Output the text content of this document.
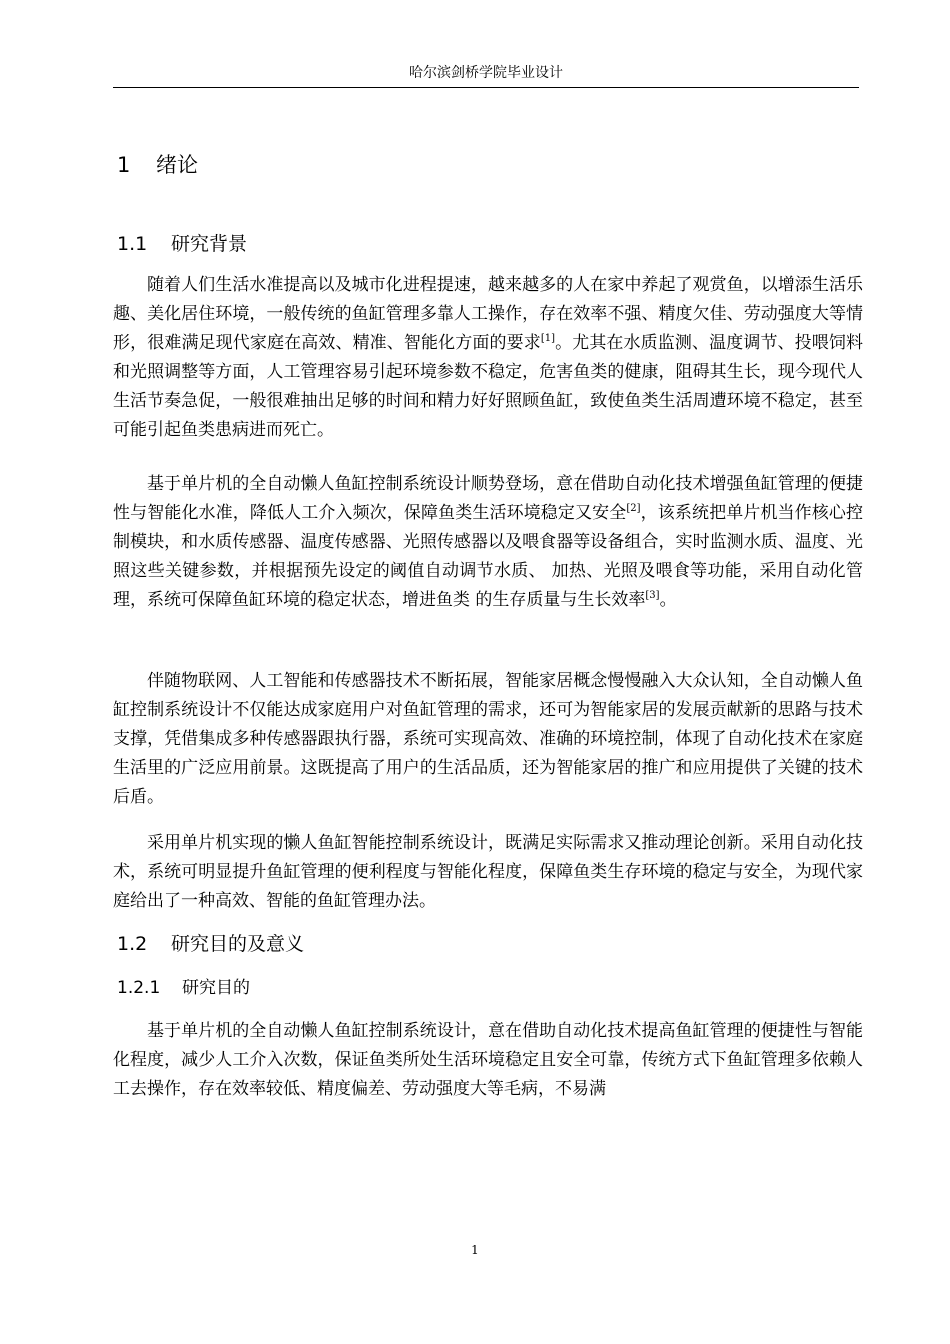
哈尔滨剑桥学院毕业设计
1 绪论
1.1 研究背景

随着人们生活水准提高以及城市化进程提速，越来越多的人在家中养起了观赏鱼，以增添生活乐趣、美化居住环境，一般传统的鱼缸管理多靠人工操作，存在效率不强、精度欠佳、劳动强度大等情形，很难满足现代家庭在高效、精准、智能化方面的要求[1]。尤其在水质监测、温度调节、投喂饲料和光照调整等方面，人工管理容易引起环境参数不稳定，危害鱼类的健康，阻碍其生长，现今现代人生活节奏急促，一般很难抽出足够的时间和精力好好照顾鱼缸，致使鱼类生活周遭环境不稳定，甚至可能引起鱼类患病进而死亡。

基于单片机的全自动懒人鱼缸控制系统设计顺势登场，意在借助自动化技术增强鱼缸管理的便捷性与智能化水准，降低人工介入频次，保障鱼类生活环境稳定又安全[2]，该系统把单片机当作核心控制模块，和水质传感器、温度传感器、光照传感器以及喂食器等设备组合，实时监测水质、温度、光照这些关键参数，并根据预先设定的阈值自动调节水质、 加热、光照及喂食等功能，采用自动化管理，系统可保障鱼缸环境的稳定状态，增进鱼类 的生存质量与生长效率[3]。

伴随物联网、人工智能和传感器技术不断拓展，智能家居概念慢慢融入大众认知，全自动懒人鱼缸控制系统设计不仅能达成家庭用户对鱼缸管理的需求，还可为智能家居的发展贡献新的思路与技术支撑，凭借集成多种传感器跟执行器，系统可实现高效、准确的环境控制，体现了自动化技术在家庭生活里的广泛应用前景。这既提高了用户的生活品质，还为智能家居的推广和应用提供了关键的技术后盾。

采用单片机实现的懒人鱼缸智能控制系统设计，既满足实际需求又推动理论创新。采用自动化技术，系统可明显提升鱼缸管理的便利程度与智能化程度，保障鱼类生存环境的稳定与安全，为现代家庭给出了一种高效、智能的鱼缸管理办法。

1.2 研究目的及意义
1.2.1 研究目的

基于单片机的全自动懒人鱼缸控制系统设计，意在借助自动化技术提高鱼缸管理的便捷性与智能化程度，减少人工介入次数，保证鱼类所处生活环境稳定且安全可靠，传统方式下鱼缸管理多依赖人工去操作，存在效率较低、精度偏差、劳动强度大等毛病，不易满

1
